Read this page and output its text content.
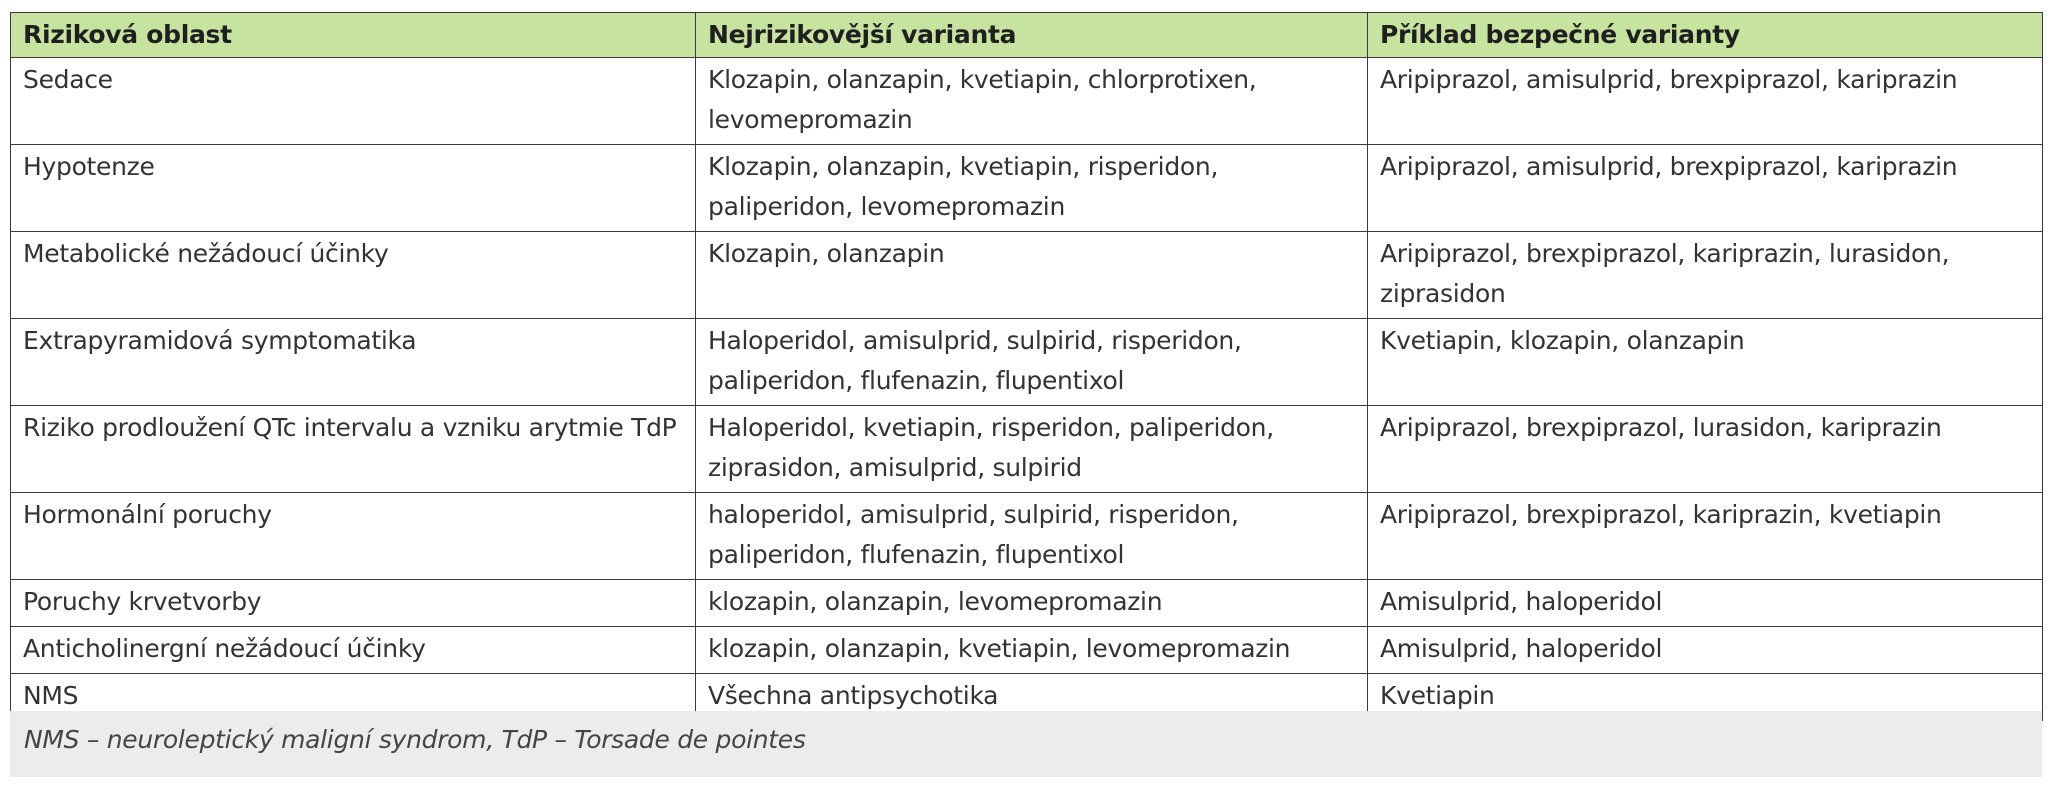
Riziková oblast	Nejrizikovější varianta	Příklad bezpečné varianty
Sedace	Klozapin, olanzapin, kvetiapin, chlorprotixen, levomepromazin	Aripiprazol, amisulprid, brexpiprazol, kariprazin
Hypotenze	Klozapin, olanzapin, kvetiapin, risperidon, paliperidon, levomepromazin	Aripiprazol, amisulprid, brexpiprazol, kariprazin
Metabolické nežádoucí účinky	Klozapin, olanzapin	Aripiprazol, brexpiprazol, kariprazin, lurasidon, ziprasidon
Extrapyramidová symptomatika	Haloperidol, amisulprid, sulpirid, risperidon, paliperidon, flufenazin, flupentixol	Kvetiapin, klozapin, olanzapin
Riziko prodloužení QTc intervalu a vzniku arytmie TdP	Haloperidol, kvetiapin, risperidon, paliperidon, ziprasidon, amisulprid, sulpirid	Aripiprazol, brexpiprazol, lurasidon, kariprazin
Hormonální poruchy	haloperidol, amisulprid, sulpirid, risperidon, paliperidon, flufenazin, flupentixol	Aripiprazol, brexpiprazol, kariprazin, kvetiapin
Poruchy krvetvorby	klozapin, olanzapin, levomepromazin	Amisulprid, haloperidol
Anticholinergní nežádoucí účinky	klozapin, olanzapin, kvetiapin, levomepromazin	Amisulprid, haloperidol
NMS	Všechna antipsychotika	Kvetiapin
NMS – neuroleptický maligní syndrom, TdP – Torsade de pointes
